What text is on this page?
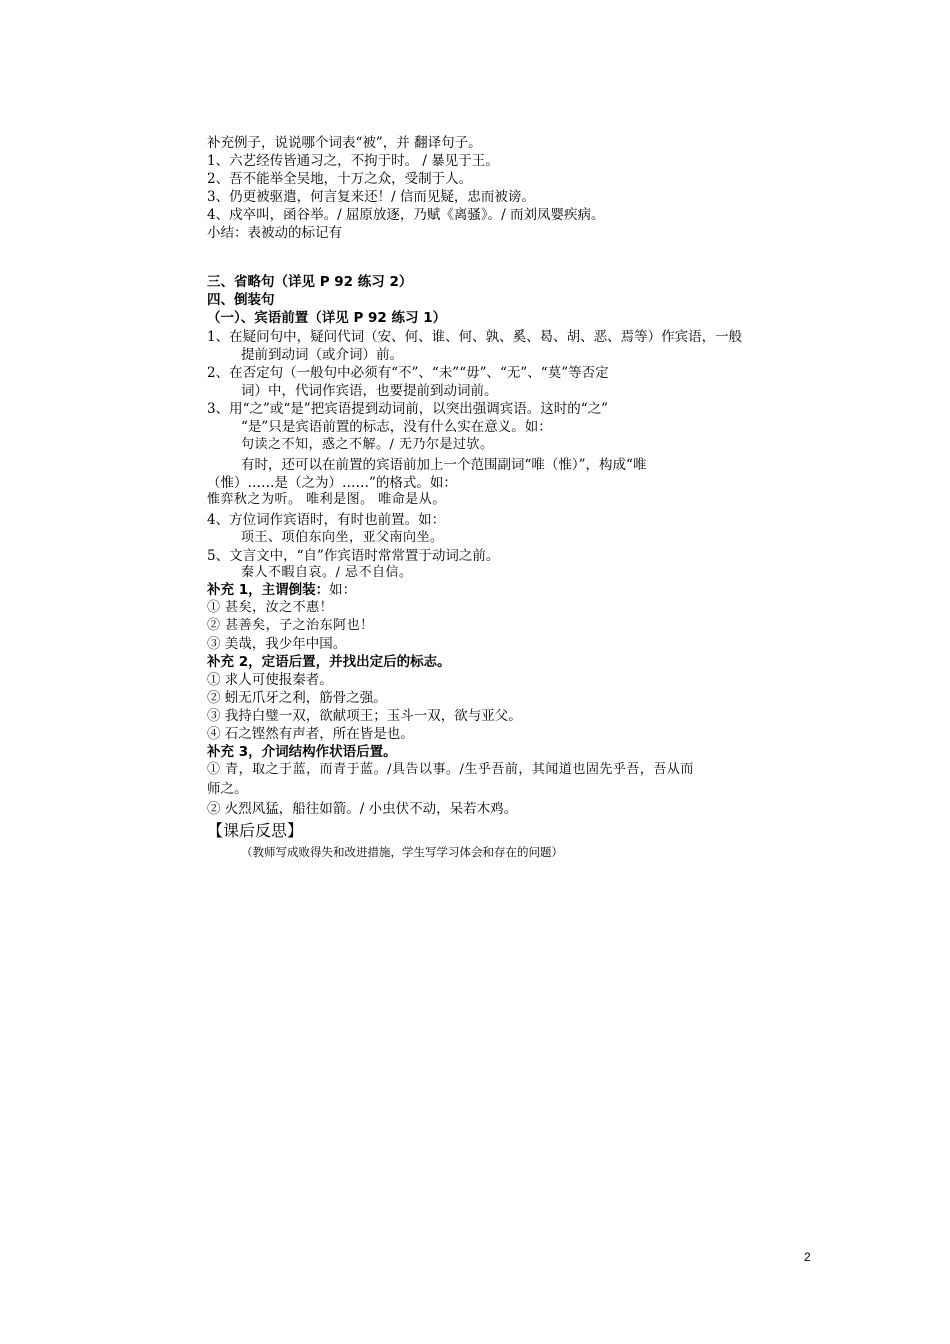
补充例子，说说哪个词表“被”，并 翻译句子。
1、六艺经传皆通习之，不拘于时。 / 暴见于王。
2、吾不能举全吴地，十万之众，受制于人。
3、仍更被驱遣，何言复来还！/ 信而见疑，忠而被谤。
4、戍卒叫，函谷举。/ 屈原放逐，乃赋《离骚》。/ 而刘凤婴疾病。
小结：表被动的标记有
三、省略句（详见 P 92 练习 2）
四、倒装句
（一）、宾语前置（详见 P 92 练习 1）
1、在疑问句中，疑问代词（安、何、谁、何、孰、奚、曷、胡、恶、焉等）作宾语，一般
提前到动词（或介词）前。
2、在否定句（一般句中必须有“不”、“未”“毋”、“无”、“莫”等否定
词）中，代词作宾语，也要提前到动词前。
3、用“之”或“是”把宾语提到动词前，以突出强调宾语。这时的“之”
“是”只是宾语前置的标志，没有什么实在意义。如：
句读之不知，惑之不解。/ 无乃尔是过欤。
有时，还可以在前置的宾语前加上一个范围副词“唯（惟）”，构成“唯
（惟）……是（之为）……”的格式。如：
惟弈秋之为听。 唯利是图。 唯命是从。
4、方位词作宾语时，有时也前置。如：
项王、项伯东向坐，亚父南向坐。
5、文言文中，“自”作宾语时常常置于动词之前。
秦人不暇自哀。/ 忌不自信。
补充 1，主谓倒装：如：
① 甚矣，汝之不惠！
② 甚善矣，子之治东阿也！
③ 美哉，我少年中国。
补充 2，定语后置，并找出定后的标志。
① 求人可使报秦者。
② 蚓无爪牙之利，筋骨之强。
③ 我持白璧一双，欲献项王；玉斗一双，欲与亚父。
④ 石之铿然有声者，所在皆是也。
补充 3，介词结构作状语后置。
① 青，取之于蓝，而青于蓝。/具告以事。/生乎吾前，其闻道也固先乎吾，吾从而
师之。
② 火烈风猛，船往如箭。/ 小虫伏不动，呆若木鸡。
【课后反思】
（教师写成败得失和改进措施，学生写学习体会和存在的问题）
2
